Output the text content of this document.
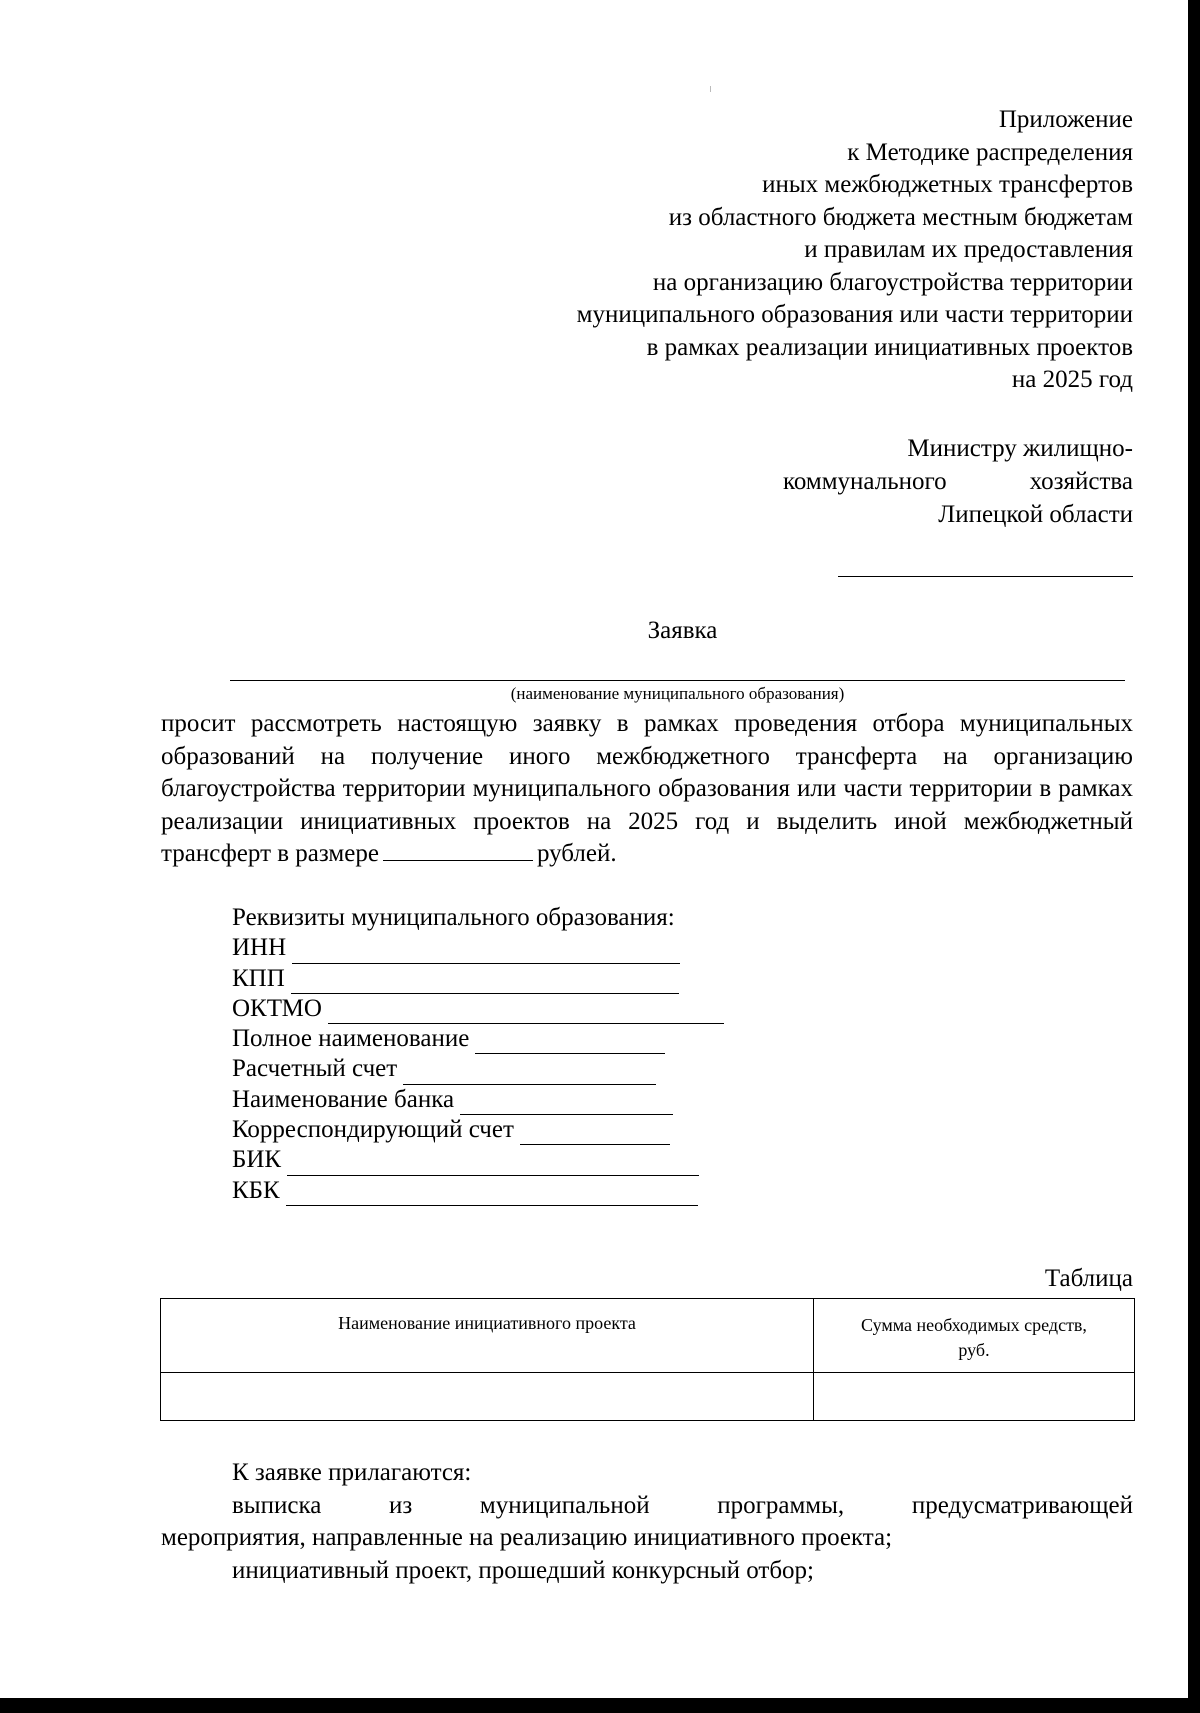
Приложение
к Методике распределения
иных межбюджетных трансфертов
из областного бюджета местным бюджетам
и правилам их предоставления
на организацию благоустройства территории
муниципального образования или части территории
в рамках реализации инициативных проектов
на 2025 год
Министру жилищно-
коммунального	хозяйства
Липецкой области
Заявка
(наименование муниципального образования)
просит рассмотреть настоящую заявку в рамках проведения отбора муниципальных образований на получение иного межбюджетного трансферта на организацию благоустройства территории муниципального образования или части территории в рамках реализации инициативных проектов на 2025 год и выделить иной межбюджетный трансферт в размере	рублей.
Реквизиты муниципального образования:
ИНН
КПП
ОКТМО
Полное наименование
Расчетный счет
Наименование банка
Корреспондирующий счет
БИК
КБК
Таблица
Наименование инициативного проекта	Сумма необходимых средств,
руб.

К заявке прилагаются:
выписка из муниципальной программы, предусматривающей
мероприятия, направленные на реализацию инициативного проекта;
инициативный проект, прошедший конкурсный отбор;
